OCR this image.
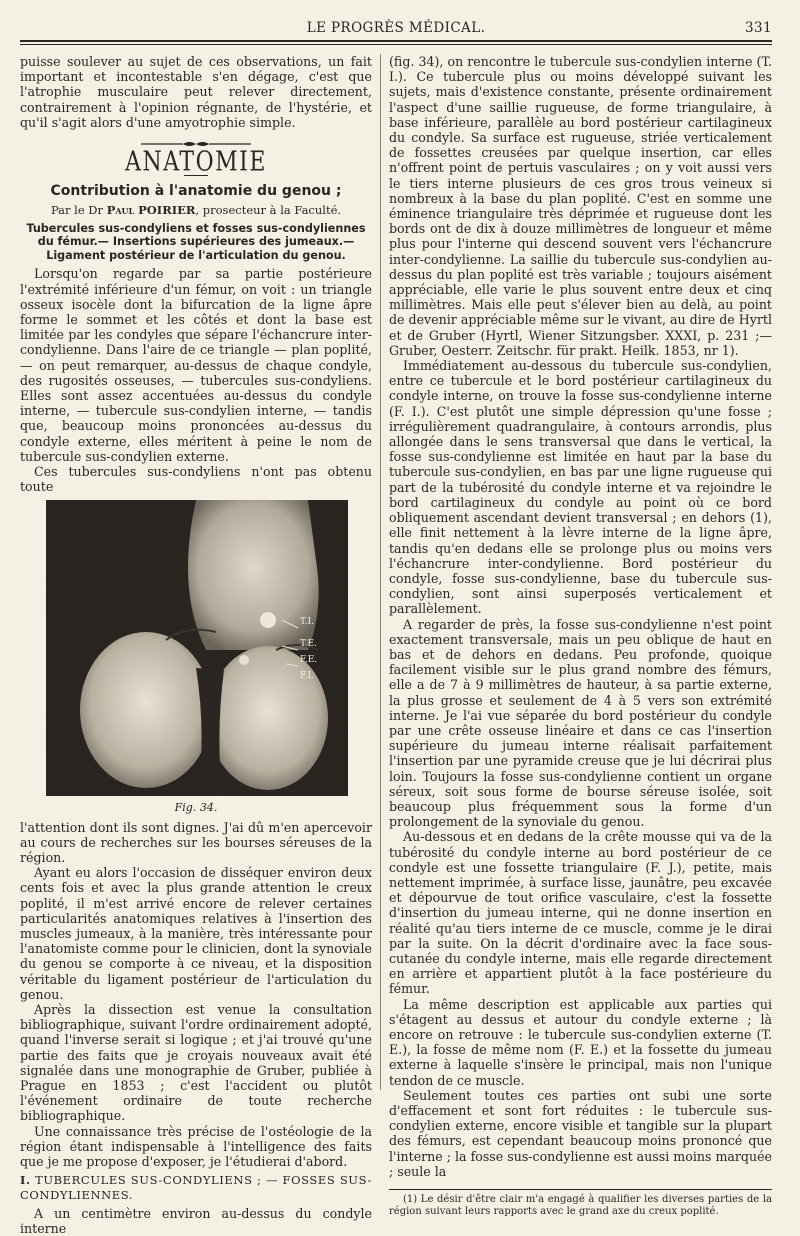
LE PROGRÈS MÉDICAL.	331

puisse soulever au sujet de ces observations, un fait important et incontestable s'en dégage, c'est que l'atrophie musculaire peut relever directement, contrairement à l'opinion régnante, de l'hystérie, et qu'il s'agit alors d'une amyotrophie simple.

ANATOMIE
Contribution à l'anatomie du genou ;
Par le Dr Paul POIRIER, prosecteur à la Faculté.
Tubercules sus-condyliens et fosses sus-condyliennes du fémur.— Insertions supérieures des jumeaux.—Ligament postérieur de l'articulation du genou.

Lorsqu'on regarde par sa partie postérieure l'extrémité inférieure d'un fémur, on voit : un triangle osseux isocèle dont la bifurcation de la ligne âpre forme le sommet et les côtés et dont la base est limitée par les condyles que sépare l'échancrure inter-condylienne. Dans l'aire de ce triangle — plan poplité, — on peut remarquer, au-dessus de chaque condyle, des rugosités osseuses, — tubercules sus-condyliens. Elles sont assez accentuées au-dessus du condyle interne, — tubercule sus-condylien interne, — tandis que, beaucoup moins prononcées au-dessus du condyle externe, elles méritent à peine le nom de tubercule sus-condylien externe.

Ces tubercules sus-condyliens n'ont pas obtenu toute

T.I.
T.E.
F.E.
F.I.
Fig. 34.

l'attention dont ils sont dignes. J'ai dû m'en apercevoir au cours de recherches sur les bourses séreuses de la région.

Ayant eu alors l'occasion de disséquer environ deux cents fois et avec la plus grande attention le creux poplité, il m'est arrivé encore de relever certaines particularités anatomiques relatives à l'insertion des muscles jumeaux, à la manière, très intéressante pour l'anatomiste comme pour le clinicien, dont la synoviale du genou se comporte à ce niveau, et la disposition véritable du ligament postérieur de l'articulation du genou.

Après la dissection est venue la consultation bibliographique, suivant l'ordre ordinairement adopté, quand l'inverse serait si logique ; et j'ai trouvé qu'une partie des faits que je croyais nouveaux avait été signalée dans une monographie de Gruber, publiée à Prague en 1853 ; c'est l'accident ou plutôt l'événement ordinaire de toute recherche bibliographique.

Une connaissance très précise de l'ostéologie de la région étant indispensable à l'intelligence des faits que je me propose d'exposer, je l'étudierai d'abord.

I. TUBERCULES SUS-CONDYLIENS ; — FOSSES SUS-CONDYLIENNES.

A un centimètre environ au-dessus du condyle interne

(fig. 34), on rencontre le tubercule sus-condylien interne (T. I.). Ce tubercule plus ou moins développé suivant les sujets, mais d'existence constante, présente ordinairement l'aspect d'une saillie rugueuse, de forme triangulaire, à base inférieure, parallèle au bord postérieur cartilagineux du condyle. Sa surface est rugueuse, striée verticalement de fossettes creusées par quelque insertion, car elles n'offrent point de pertuis vasculaires ; on y voit aussi vers le tiers interne plusieurs de ces gros trous veineux si nombreux à la base du plan poplité. C'est en somme une éminence triangulaire très déprimée et rugueuse dont les bords ont de dix à douze millimètres de longueur et même plus pour l'interne qui descend souvent vers l'échancrure inter-condylienne. La saillie du tubercule sus-condylien au-dessus du plan poplité est très variable ; toujours aisément appréciable, elle varie le plus souvent entre deux et cinq millimètres. Mais elle peut s'élever bien au delà, au point de devenir appréciable même sur le vivant, au dire de Hyrtl et de Gruber (Hyrtl, Wiener Sitzungsber. XXXI, p. 231 ;— Gruber, Oesterr. Zeitschr. für prakt. Heilk. 1853, nr 1).

Immédiatement au-dessous du tubercule sus-condylien, entre ce tubercule et le bord postérieur cartilagineux du condyle interne, on trouve la fosse sus-condylienne interne (F. I.). C'est plutôt une simple dépression qu'une fosse ; irrégulièrement quadrangulaire, à contours arrondis, plus allongée dans le sens transversal que dans le vertical, la fosse sus-condylienne est limitée en haut par la base du tubercule sus-condylien, en bas par une ligne rugueuse qui part de la tubérosité du condyle interne et va rejoindre le bord cartilagineux du condyle au point où ce bord obliquement ascendant devient transversal ; en dehors (1), elle finit nettement à la lèvre interne de la ligne âpre, tandis qu'en dedans elle se prolonge plus ou moins vers l'échancrure inter-condylienne. Bord postérieur du condyle, fosse sus-condylienne, base du tubercule sus-condylien, sont ainsi superposés verticalement et parallèlement.

A regarder de près, la fosse sus-condylienne n'est point exactement transversale, mais un peu oblique de haut en bas et de dehors en dedans. Peu profonde, quoique facilement visible sur le plus grand nombre des fémurs, elle a de 7 à 9 millimètres de hauteur, à sa partie externe, la plus grosse et seulement de 4 à 5 vers son extrémité interne. Je l'ai vue séparée du bord postérieur du condyle par une crête osseuse linéaire et dans ce cas l'insertion supérieure du jumeau interne réalisait parfaitement l'insertion par une pyramide creuse que je lui décrirai plus loin. Toujours la fosse sus-condylienne contient un organe séreux, soit sous forme de bourse séreuse isolée, soit beaucoup plus fréquemment sous la forme d'un prolongement de la synoviale du genou.

Au-dessous et en dedans de la crête mousse qui va de la tubérosité du condyle interne au bord postérieur de ce condyle est une fossette triangulaire (F. J.), petite, mais nettement imprimée, à surface lisse, jaunâtre, peu excavée et dépourvue de tout orifice vasculaire, c'est la fossette d'insertion du jumeau interne, qui ne donne insertion en réalité qu'au tiers interne de ce muscle, comme je le dirai par la suite. On la décrit d'ordinaire avec la face sous-cutanée du condyle interne, mais elle regarde directement en arrière et appartient plutôt à la face postérieure du fémur.

La même description est applicable aux parties qui s'étagent au dessus et autour du condyle externe ; là encore on retrouve : le tubercule sus-condylien externe (T. E.), la fosse de même nom (F. E.) et la fossette du jumeau externe à laquelle s'insère le principal, mais non l'unique tendon de ce muscle.

Seulement toutes ces parties ont subi une sorte d'effacement et sont fort réduites : le tubercule sus-condylien externe, encore visible et tangible sur la plupart des fémurs, est cependant beaucoup moins prononcé que l'interne ; la fosse sus-condylienne est aussi moins marquée ; seule la

(1) Le désir d'être clair m'a engagé à qualifier les diverses parties de la région suivant leurs rapports avec le grand axe du creux poplité.
